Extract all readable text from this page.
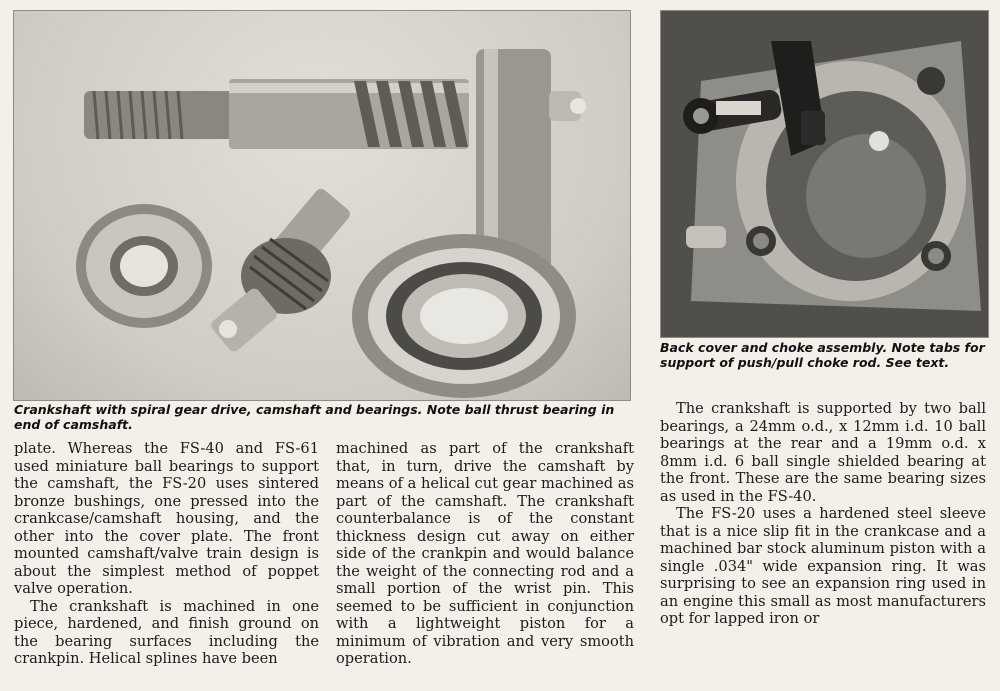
Crankshaft with spiral gear drive, camshaft and bearings. Note ball thrust bearing in end of camshaft.

Back cover and choke assembly. Note tabs for support of push/pull choke rod. See text.

plate. Whereas the FS-40 and FS-61 used miniature ball bearings to support the camshaft, the FS-20 uses sintered bronze bushings, one pressed into the crankcase/camshaft housing, and the other into the cover plate. The front mounted camshaft/valve train design is about the simplest method of poppet valve operation.

The crankshaft is machined in one piece, hardened, and finish ground on the bearing surfaces including the crankpin. Helical splines have been

machined as part of the crankshaft that, in turn, drive the camshaft by means of a helical cut gear machined as part of the camshaft. The crankshaft counterbalance is of the constant thickness design cut away on either side of the crankpin and would balance the weight of the connecting rod and a small portion of the wrist pin. This seemed to be sufficient in conjunction with a lightweight piston for a minimum of vibration and very smooth operation.

The crankshaft is supported by two ball bearings, a 24mm o.d., x 12mm i.d. 10 ball bearings at the rear and a 19mm o.d. x 8mm i.d. 6 ball single shielded bearing at the front. These are the same bearing sizes as used in the FS-40.

The FS-20 uses a hardened steel sleeve that is a nice slip fit in the crankcase and a machined bar stock aluminum piston with a single .034" wide expansion ring. It was surprising to see an expansion ring used in an engine this small as most manufacturers opt for lapped iron or
